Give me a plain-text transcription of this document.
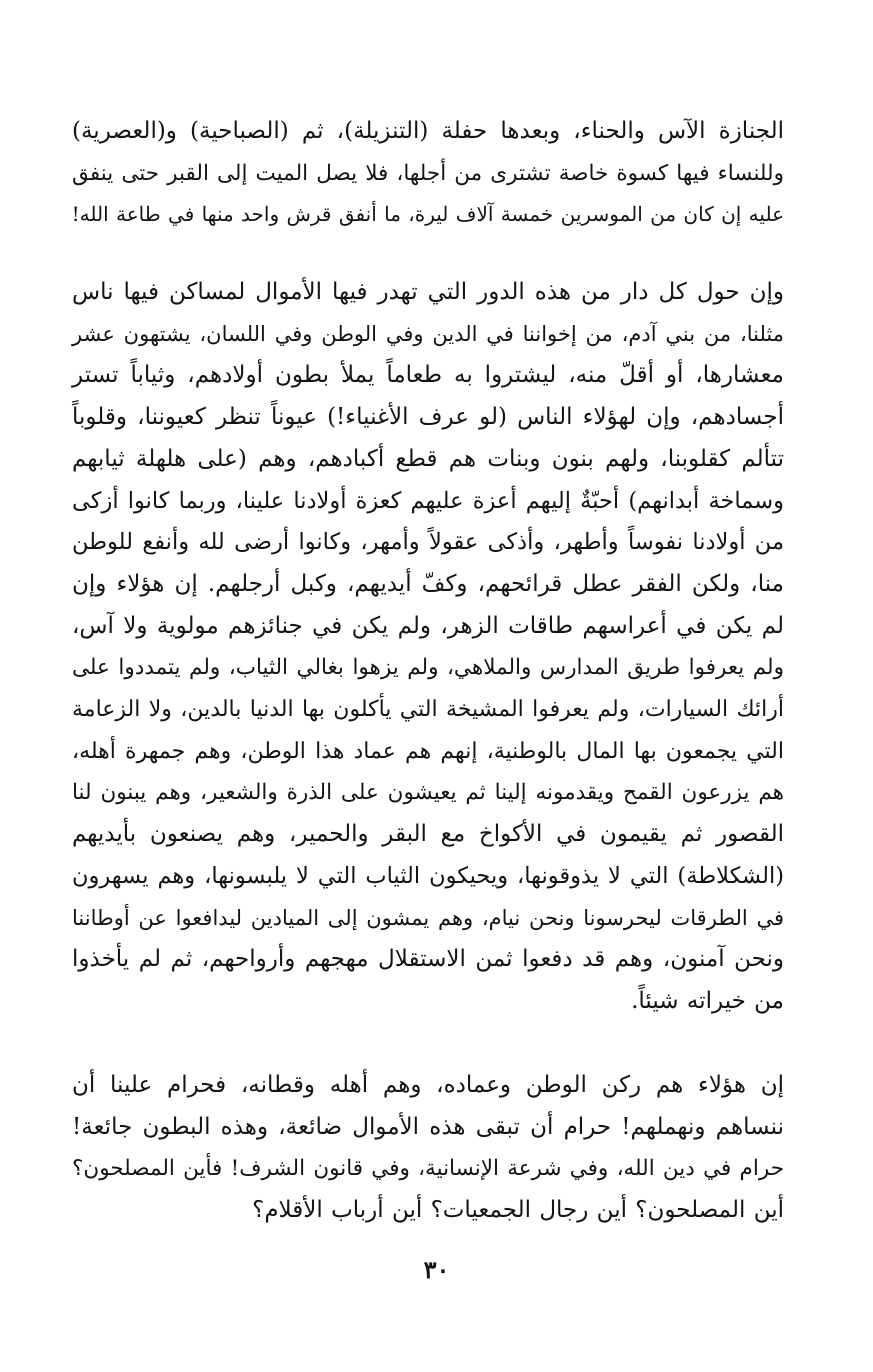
الجنازة الآس والحناء، وبعدها حفلة (التنزيلة)، ثم (الصباحية) و(العصرية)
وللنساء فيها كسوة خاصة تشترى من أجلها، فلا يصل الميت إلى القبر حتى ينفق
عليه إن كان من الموسرين خمسة آلاف ليرة، ما أنفق قرش واحد منها في طاعة الله!
وإن حول كل دار من هذه الدور التي تهدر فيها الأموال لمساكن فيها ناس
مثلنا، من بني آدم، من إخواننا في الدين وفي الوطن وفي اللسان، يشتهون عشر
معشارها، أو أقلّ منه، ليشتروا به طعاماً يملأ بطون أولادهم، وثياباً تستر
أجسادهم، وإن لهؤلاء الناس (لو عرف الأغنياء!) عيوناً تنظر كعيوننا، وقلوباً
تتألم كقلوبنا، ولهم بنون وبنات هم قطع أكبادهم، وهم (على هلهلة ثيابهم
وسماخة أبدانهم) أحبّةٌ إليهم أعزة عليهم كعزة أولادنا علينا، وربما كانوا أزكى
من أولادنا نفوساً وأطهر، وأذكى عقولاً وأمهر، وكانوا أرضى لله وأنفع للوطن
منا، ولكن الفقر عطل قرائحهم، وكفّ أيديهم، وكبل أرجلهم. إن هؤلاء وإن
لم يكن في أعراسهم طاقات الزهر، ولم يكن في جنائزهم مولوية ولا آس،
ولم يعرفوا طريق المدارس والملاهي، ولم يزهوا بغالي الثياب، ولم يتمددوا على
أرائك السيارات، ولم يعرفوا المشيخة التي يأكلون بها الدنيا بالدين، ولا الزعامة
التي يجمعون بها المال بالوطنية، إنهم هم عماد هذا الوطن، وهم جمهرة أهله،
هم يزرعون القمح ويقدمونه إلينا ثم يعيشون على الذرة والشعير، وهم يبنون لنا
القصور ثم يقيمون في الأكواخ مع البقر والحمير، وهم يصنعون بأيديهم
(الشكلاطة) التي لا يذوقونها، ويحيكون الثياب التي لا يلبسونها، وهم يسهرون
في الطرقات ليحرسونا ونحن نيام، وهم يمشون إلى الميادين ليدافعوا عن أوطاننا
ونحن آمنون، وهم قد دفعوا ثمن الاستقلال مهجهم وأرواحهم، ثم لم يأخذوا
من خيراته شيئاً.
إن هؤلاء هم ركن الوطن وعماده، وهم أهله وقطانه، فحرام علينا أن
ننساهم ونهملهم! حرام أن تبقى هذه الأموال ضائعة، وهذه البطون جائعة!
حرام في دين الله، وفي شرعة الإنسانية، وفي قانون الشرف! فأين المصلحون؟
أين المصلحون؟ أين رجال الجمعيات؟ أين أرباب الأقلام؟
٣٠
